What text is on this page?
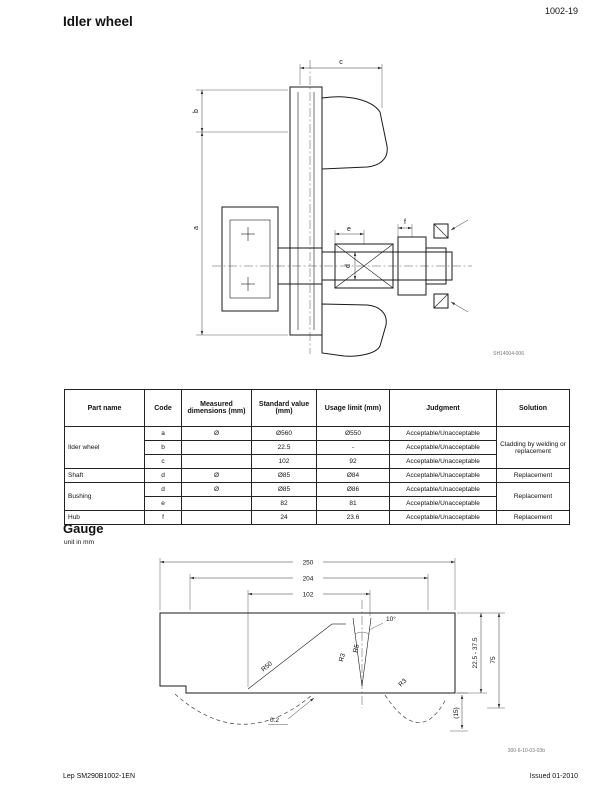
1002-19
Idler wheel
c
b
a	e
f
d
SH14004-006
Part name	Code	Measured dimensions (mm)	Standard value (mm)	Usage limit (mm)	Judgment	Solution
Ilder wheel	a	Ø	Ø560	Ø550	Acceptable/Unacceptable	Cladding by welding or replacement
	b		22.5	-	Acceptable/Unacceptable	
	c		102	92	Acceptable/Unacceptable	
Shaft	d	Ø	Ø85	Ø84	Acceptable/Unacceptable	Replacement
Bushing	d	Ø	Ø85	Ø86	Acceptable/Unacceptable	Replacement
	e		82	81	Acceptable/Unacceptable	
Hub	f		24	23.6	Acceptable/Unacceptable	Replacement
Gauge
unit in mm
250
204
102
10°
R50
R3
R5
R3
22.5 - 37.5 75
(15)
0.2
300-6-10-03-03b
Lep SM290B1002-1EN	Issued 01-2010
